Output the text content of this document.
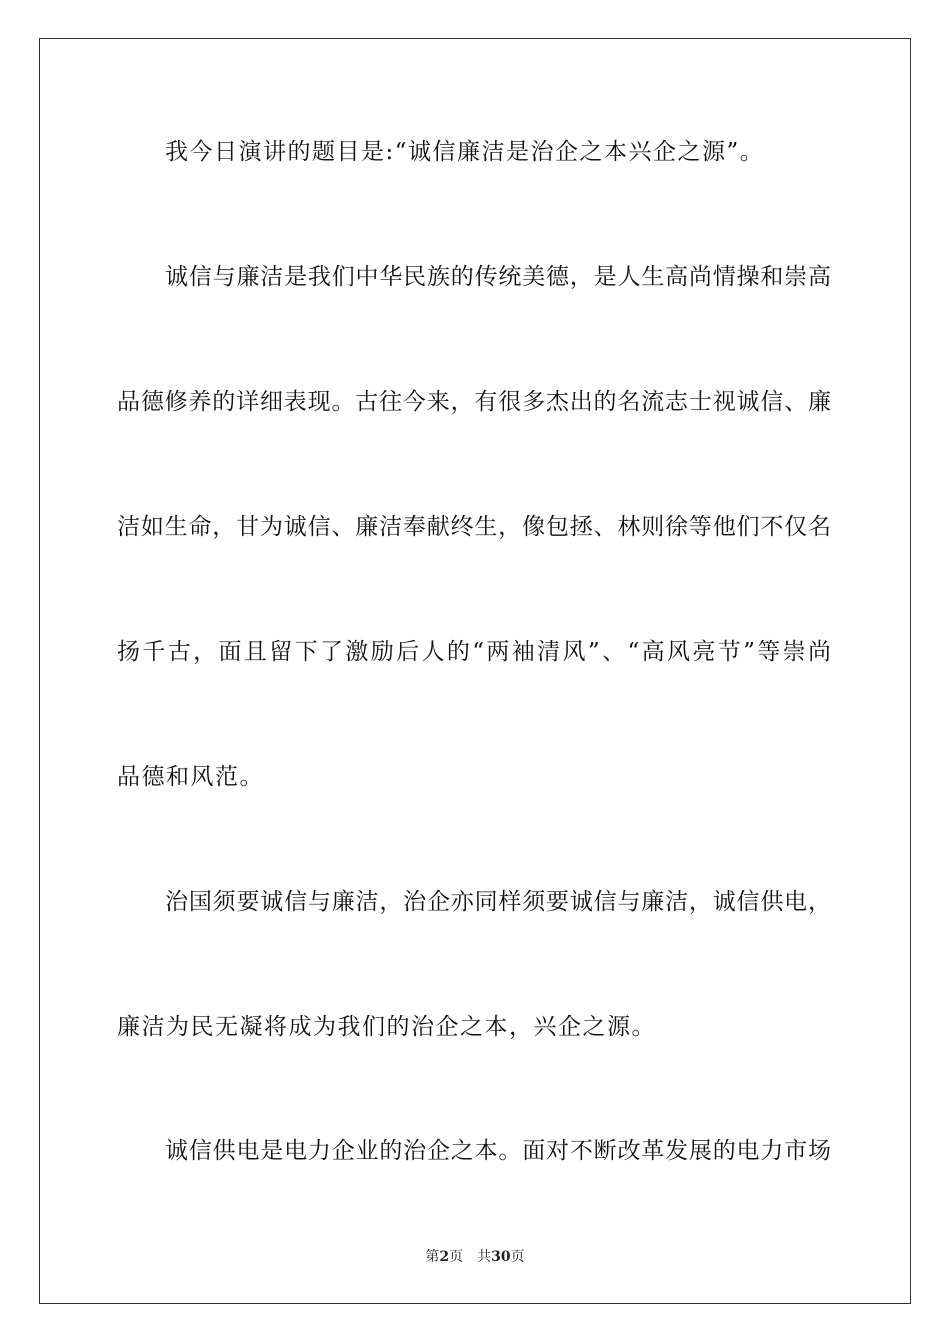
我今日演讲的题目是:“诚信廉洁是治企之本兴企之源”。
诚信与廉洁是我们中华民族的传统美德，是人生高尚情操和崇高
品德修养的详细表现。古往今来，有很多杰出的名流志士视诚信、廉
洁如生命，甘为诚信、廉洁奉献终生，像包拯、林则徐等他们不仅名
扬千古，面且留下了激励后人的“两袖清风”、“高风亮节”等崇尚
品德和风范。
治国须要诚信与廉洁，治企亦同样须要诚信与廉洁，诚信供电，
廉洁为民无凝将成为我们的治企之本，兴企之源。
诚信供电是电力企业的治企之本。面对不断改革发展的电力市场
第2页 共30页
